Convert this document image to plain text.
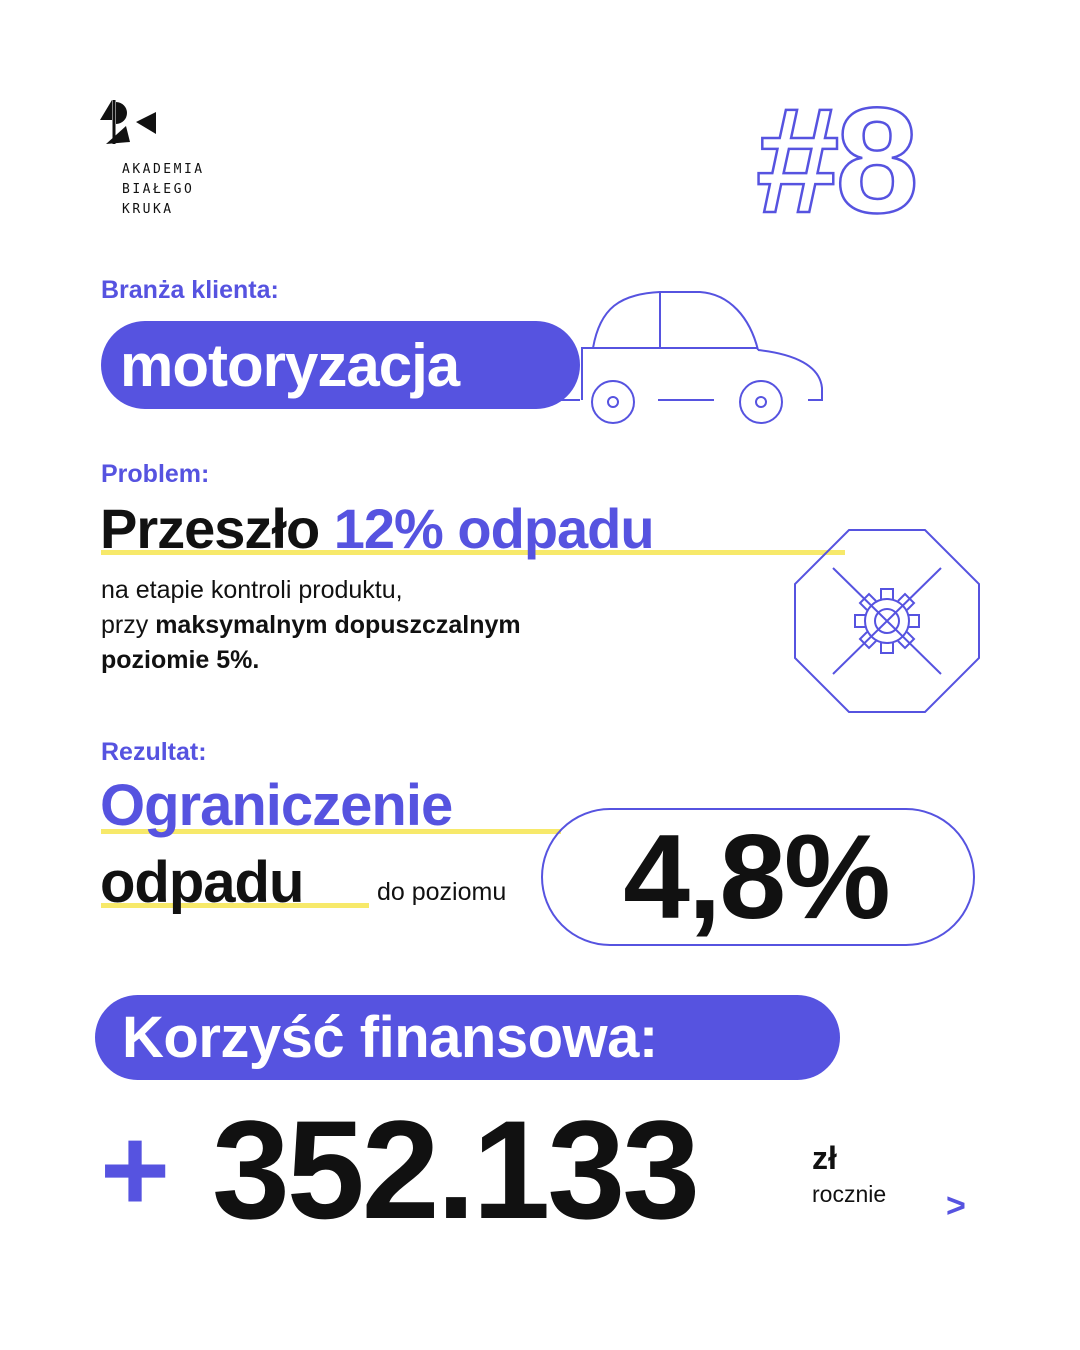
AKADEMIA
BIAŁEGO
KRUKA	#8
Branża klienta:
motoryzacja
Problem:
Przeszło 12% odpadu
na etapie kontroli produktu,
przy maksymalnym dopuszczalnym
poziomie 5%.
Rezultat:
Ograniczenie
odpadu	do poziomu 4,8%
Korzyść finansowa:
+ 352.133	zł
rocznie >
